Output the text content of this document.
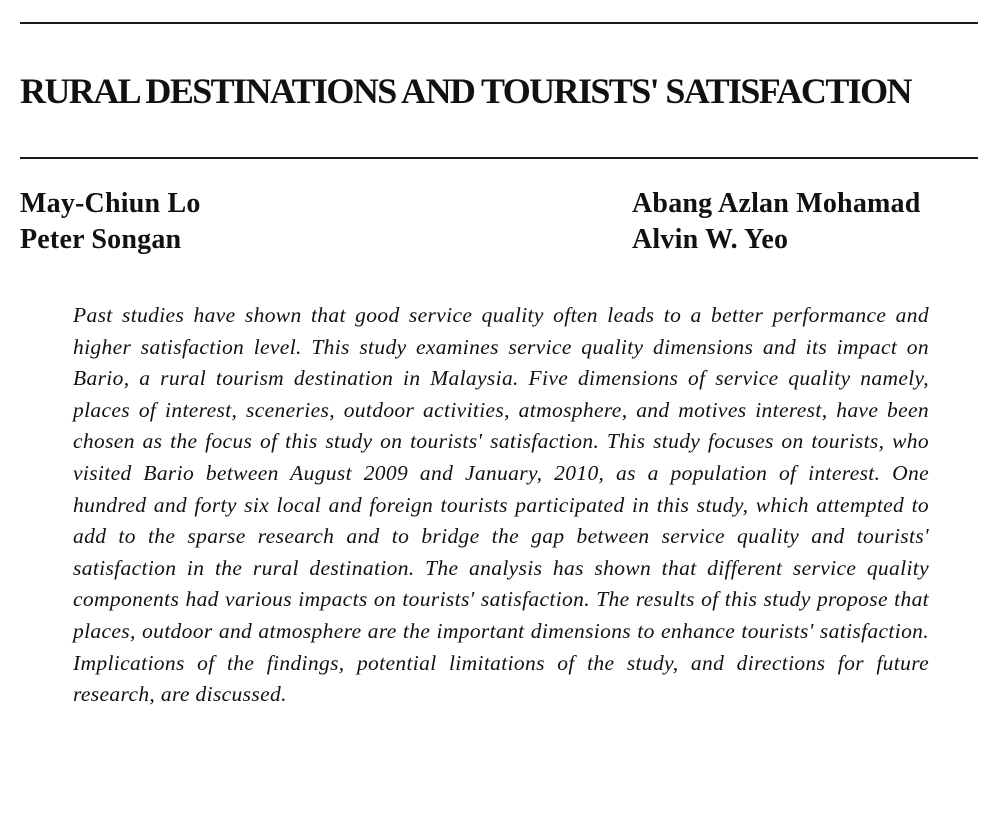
RURAL DESTINATIONS AND TOURISTS' SATISFACTION
May-Chiun Lo
Peter Songan
Abang Azlan Mohamad
Alvin W. Yeo

Past studies have shown that good service quality often leads to a better performance and higher satisfaction level. This study examines service quality dimensions and its impact on Bario, a rural tourism destination in Malaysia. Five dimensions of service quality namely, places of interest, sceneries, outdoor activities, atmosphere, and motives interest, have been chosen as the focus of this study on tourists' satisfaction. This study focuses on tourists, who visited Bario between August 2009 and January, 2010, as a population of interest. One hundred and forty six local and foreign tourists participated in this study, which attempted to add to the sparse research and to bridge the gap between service quality and tourists' satisfaction in the rural destination. The analysis has shown that different service quality components had various impacts on tourists' satisfaction. The results of this study propose that places, outdoor and atmosphere are the important dimensions to enhance tourists' satisfaction. Implications of the findings, potential limitations of the study, and directions for future research, are discussed.
